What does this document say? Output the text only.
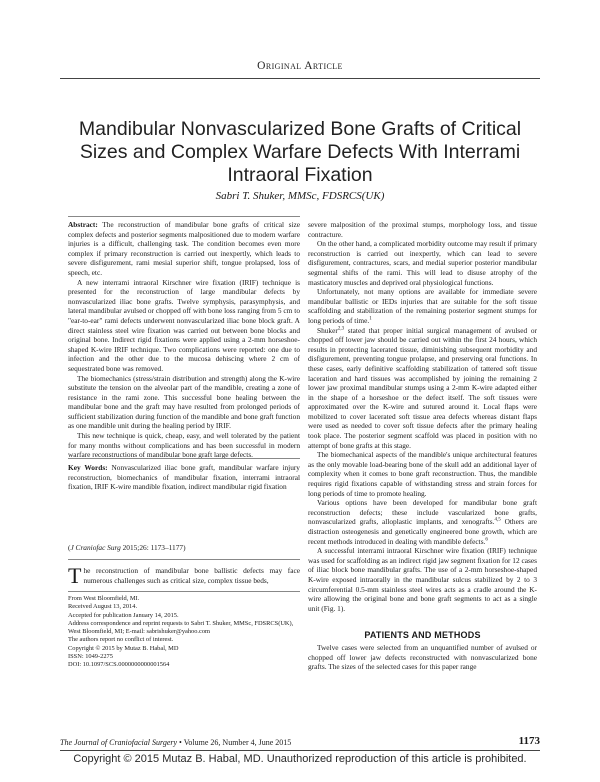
Original Article
Mandibular Nonvascularized Bone Grafts of Critical Sizes and Complex Warfare Defects With Interrami Intraoral Fixation
Sabri T. Shuker, MMSc, FDSRCS(UK)

Abstract: The reconstruction of mandibular bone grafts of critical size complex defects and posterior segments malpositioned due to modern warfare injuries is a difficult, challenging task. The condition becomes even more complex if primary reconstruction is carried out inexpertly, which leads to severe disfigurement, rami mesial superior shift, tongue prolapsed, loss of speech, etc.

A new interrami intraoral Kirschner wire fixation (IRIF) technique is presented for the reconstruction of large mandibular defects by nonvascularized iliac bone grafts. Twelve symphysis, parasymphysis, and lateral mandibular avulsed or chopped off with bone loss ranging from 5 cm to "ear-to-ear" rami defects underwent nonvascularized iliac bone block graft. A direct stainless steel wire fixation was carried out between bone blocks and original bone. Indirect rigid fixations were applied using a 2-mm horseshoe-shaped K-wire IRIF technique. Two complications were reported: one due to infection and the other due to the mucosa dehiscing where 2 cm of sequestrated bone was removed.

The biomechanics (stress/strain distribution and strength) along the K-wire substitute the tension on the alveolar part of the mandible, creating a zone of resistance in the rami zone. This successful bone healing between the mandibular bone and the graft may have resulted from prolonged periods of sufficient stabilization during function of the mandible and bone graft function as one mandible unit during the healing period by IRIF.

This new technique is quick, cheap, easy, and well tolerated by the patient for many months without complications and has been successful in modern warfare reconstructions of mandibular bone graft large defects.

Key Words: Nonvascularized iliac bone graft, mandibular warfare injury reconstruction, biomechanics of mandibular fixation, interrami intraoral fixation, IRIF K-wire mandible fixation, indirect mandibular rigid fixation

(J Craniofac Surg 2015;26: 1173–1177)

The reconstruction of mandibular bone ballistic defects may face numerous challenges such as critical size, complex tissue beds,

From West Bloomfield, MI.
Received August 13, 2014.
Accepted for publication January 14, 2015.
Address correspondence and reprint requests to Sabri T. Shuker, MMSc, FDSRCS(UK), West Bloomfield, MI; E-mail: sabrishuker@yahoo.com
The authors report no conflict of interest.
Copyright © 2015 by Mutaz B. Habal, MD
ISSN: 1049-2275
DOI: 10.1097/SCS.0000000000001564

severe malposition of the proximal stumps, morphology loss, and tissue contracture.

On the other hand, a complicated morbidity outcome may result if primary reconstruction is carried out inexpertly, which can lead to severe disfigurement, contractures, scars, and medial superior posterior mandibular segmental shifts of the rami. This will lead to disuse atrophy of the masticatory muscles and deprived oral physiological functions.

Unfortunately, not many options are available for immediate severe mandibular ballistic or IEDs injuries that are suitable for the soft tissue scaffolding and stabilization of the remaining posterior segment stumps for long periods of time.$^1$

Shuker$^{2,3}$ stated that proper initial surgical management of avulsed or chopped off lower jaw should be carried out within the first 24 hours, which results in protecting lacerated tissue, diminishing subsequent morbidity and disfigurement, preventing tongue prolapse, and preserving oral functions. In these cases, early definitive scaffolding stabilization of tattered soft tissue laceration and hard tissues was accomplished by joining the remaining 2 lower jaw proximal mandibular stumps using a 2-mm K-wire adapted either in the shape of a horseshoe or the defect itself. The soft tissues were approximated over the K-wire and sutured around it. Local flaps were mobilized to cover lacerated soft tissue area defects whereas distant flaps were used as needed to cover soft tissue defects after the primary healing took place. The posterior segment scaffold was placed in position with no attempt of bone grafts at this stage.

The biomechanical aspects of the mandible's unique architectural features as the only movable load-bearing bone of the skull add an additional layer of complexity when it comes to bone graft reconstruction. Thus, the mandible requires rigid fixations capable of withstanding stress and strain forces for long periods of time to promote healing.

Various options have been developed for mandibular bone graft reconstruction defects; these include vascularized bone grafts, nonvascularized grafts, alloplastic implants, and xenografts.$^{4,5}$ Others are distraction osteogenesis and genetically engineered bone growth, which are recent methods introduced in dealing with mandible defects.$^6$

A successful interrami intraoral Kirschner wire fixation (IRIF) technique was used for scaffolding as an indirect rigid jaw segment fixation for 12 cases of iliac block bone mandibular grafts. The use of a 2-mm horseshoe-shaped K-wire exposed intraorally in the mandibular sulcus stabilized by 2 to 3 circumferential 0.5-mm stainless steel wires acts as a cradle around the K-wire allowing the original bone and bone graft segments to act as a single unit (Fig. 1).

PATIENTS AND METHODS

Twelve cases were selected from an unquantified number of avulsed or chopped off lower jaw defects reconstructed with nonvascularized bone grafts. The sizes of the selected cases for this paper range

The Journal of Craniofacial Surgery • Volume 26, Number 4, June 2015	1173
Copyright © 2015 Mutaz B. Habal, MD. Unauthorized reproduction of this article is prohibited.
